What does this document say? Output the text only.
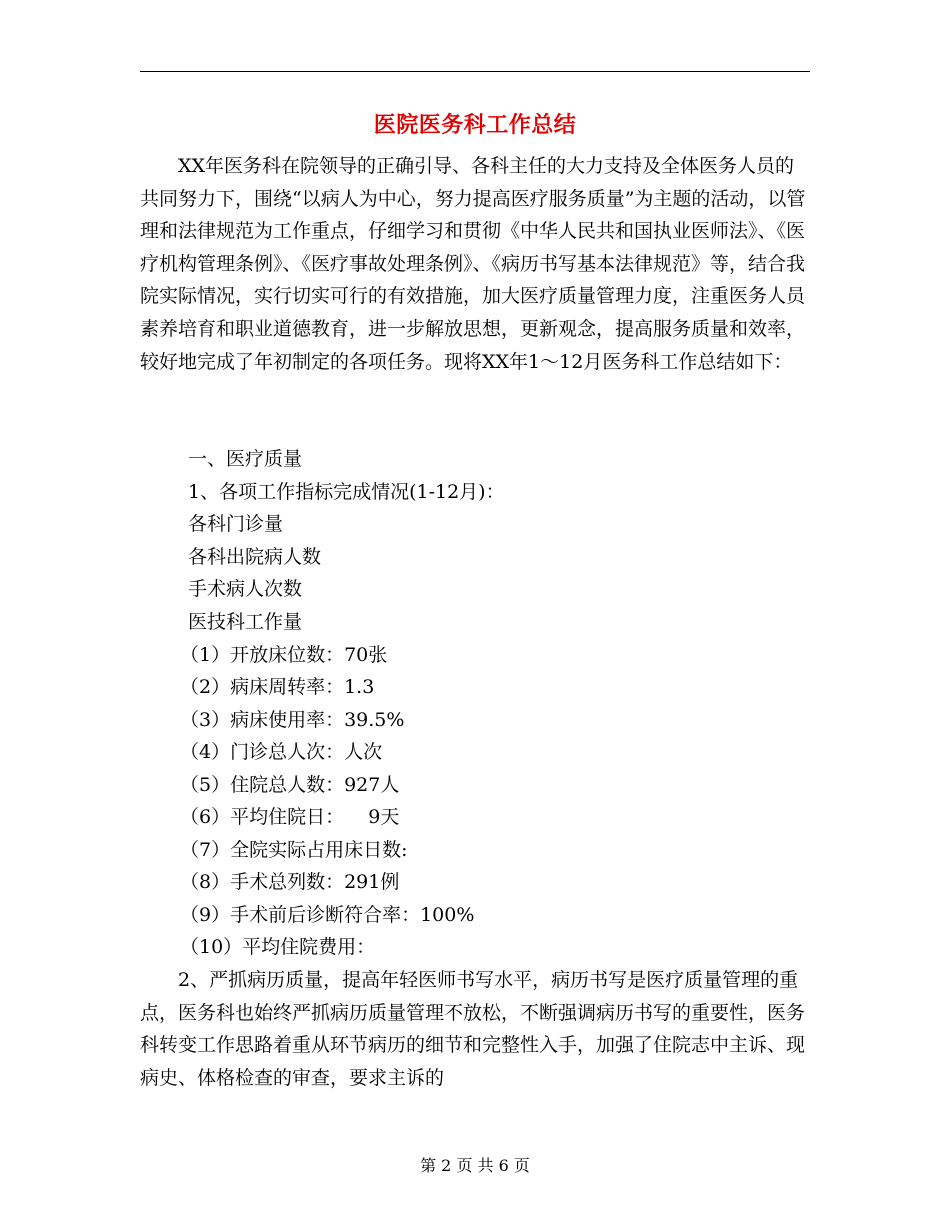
医院医务科工作总结

XX年医务科在院领导的正确引导、各科主任的大力支持及全体医务人员的共同努力下，围绕“以病人为中心，努力提高医疗服务质量”为主题的活动，以管理和法律规范为工作重点，仔细学习和贯彻《中华人民共和国执业医师法》、《医疗机构管理条例》、《医疗事故处理条例》、《病历书写基本法律规范》等，结合我院实际情况，实行切实可行的有效措施，加大医疗质量管理力度，注重医务人员素养培育和职业道德教育，进一步解放思想，更新观念，提高服务质量和效率，较好地完成了年初制定的各项任务。现将XX年1～12月医务科工作总结如下：

一、医疗质量

1、各项工作指标完成情况(1-12月)：

各科门诊量

各科出院病人数

手术病人次数

医技科工作量

（1）开放床位数：70张

（2）病床周转率：1.3

（3）病床使用率：39.5%

（4）门诊总人次：人次

（5）住院总人数：927人

（6）平均住院日：    9天

（7）全院实际占用床日数:

（8）手术总列数：291例

（9）手术前后诊断符合率：100%

（10）平均住院费用：

2、严抓病历质量，提高年轻医师书写水平，病历书写是医疗质量管理的重点，医务科也始终严抓病历质量管理不放松，不断强调病历书写的重要性，医务科转变工作思路着重从环节病历的细节和完整性入手，加强了住院志中主诉、现病史、体格检查的审查，要求主诉的

第 2 页 共 6 页
